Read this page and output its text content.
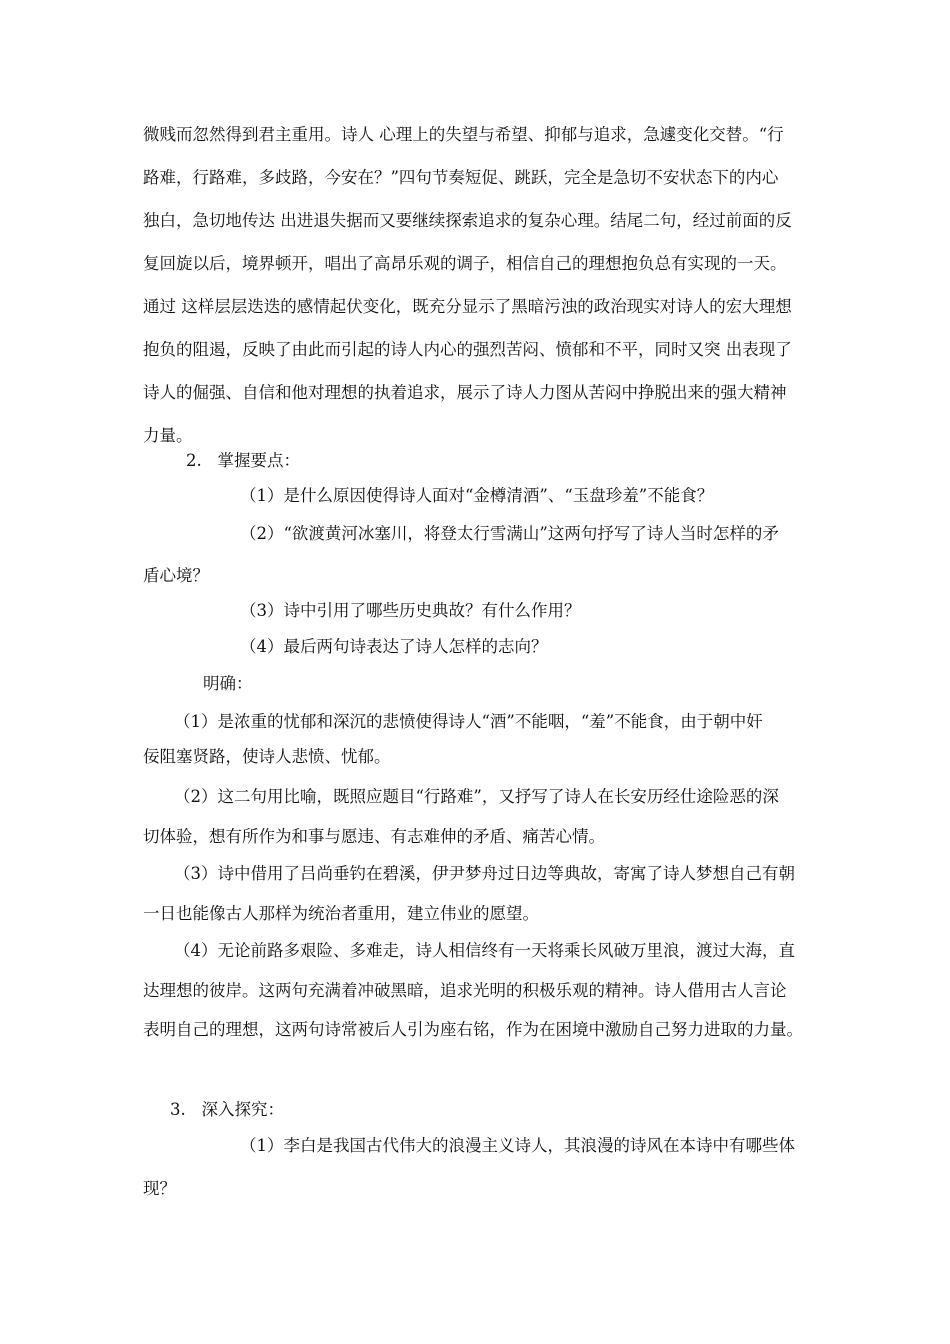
微贱而忽然得到君主重用。诗人 心理上的失望与希望、抑郁与追求，急遽变化交替。“行
路难，行路难，多歧路，今安在？”四句节奏短促、跳跃，完全是急切不安状态下的内心
独白，急切地传达 出进退失据而又要继续探索追求的复杂心理。结尾二句，经过前面的反
复回旋以后，境界顿开，唱出了高昂乐观的调子，相信自己的理想抱负总有实现的一天。
通过 这样层层迭迭的感情起伏变化，既充分显示了黑暗污浊的政治现实对诗人的宏大理想
抱负的阻遏，反映了由此而引起的诗人内心的强烈苦闷、愤郁和不平，同时又突 出表现了
诗人的倔强、自信和他对理想的执着追求，展示了诗人力图从苦闷中挣脱出来的强大精神
力量。
2.   掌握要点：
（1）是什么原因使得诗人面对“金樽清酒”、“玉盘珍羞”不能食？
（2）“欲渡黄河冰塞川，将登太行雪满山”这两句抒写了诗人当时怎样的矛
盾心境？
（3）诗中引用了哪些历史典故？有什么作用？
（4）最后两句诗表达了诗人怎样的志向？
明确：
（1）是浓重的忧郁和深沉的悲愤使得诗人“酒”不能咽，“羞”不能食，由于朝中奸
佞阻塞贤路，使诗人悲愤、忧郁。
（2）这二句用比喻，既照应题目“行路难”，又抒写了诗人在长安历经仕途险恶的深
切体验，想有所作为和事与愿违、有志难伸的矛盾、痛苦心情。
（3）诗中借用了吕尚垂钓在碧溪，伊尹梦舟过日边等典故，寄寓了诗人梦想自己有朝
一日也能像古人那样为统治者重用，建立伟业的愿望。
（4）无论前路多艰险、多难走，诗人相信终有一天将乘长风破万里浪，渡过大海，直
达理想的彼岸。这两句充满着冲破黑暗，追求光明的积极乐观的精神。诗人借用古人言论
表明自己的理想，这两句诗常被后人引为座右铭，作为在困境中激励自己努力进取的力量。
3.   深入探究：
（1）李白是我国古代伟大的浪漫主义诗人，其浪漫的诗风在本诗中有哪些体
现？
